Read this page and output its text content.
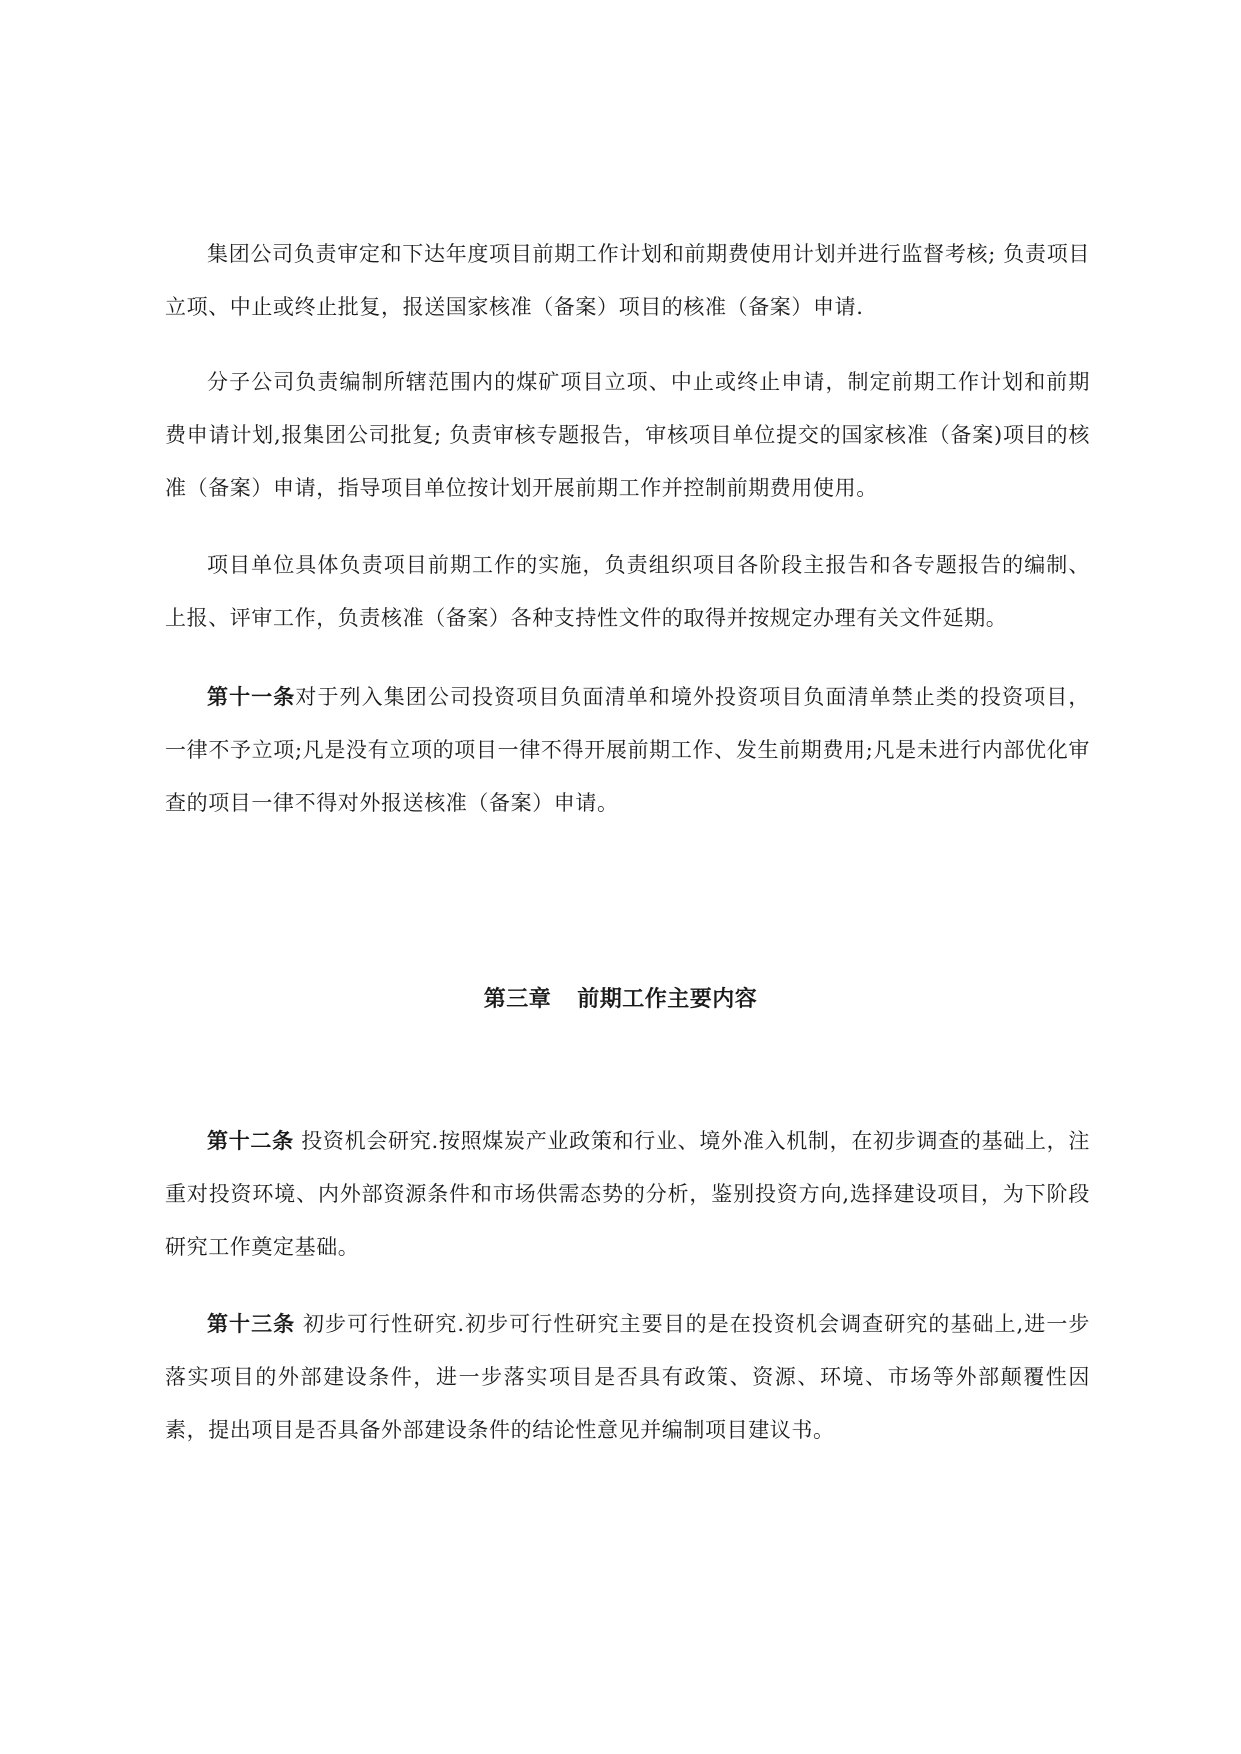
集团公司负责审定和下达年度项目前期工作计划和前期费使用计划并进行监督考核; 负责项目立项、中止或终止批复，报送国家核准（备案）项目的核准（备案）申请.

分子公司负责编制所辖范围内的煤矿项目立项、中止或终止申请，制定前期工作计划和前期费申请计划,报集团公司批复; 负责审核专题报告，审核项目单位提交的国家核准（备案)项目的核准（备案）申请，指导项目单位按计划开展前期工作并控制前期费用使用。

项目单位具体负责项目前期工作的实施，负责组织项目各阶段主报告和各专题报告的编制、上报、评审工作，负责核准（备案）各种支持性文件的取得并按规定办理有关文件延期。

第十一条对于列入集团公司投资项目负面清单和境外投资项目负面清单禁止类的投资项目，一律不予立项;凡是没有立项的项目一律不得开展前期工作、发生前期费用;凡是未进行内部优化审查的项目一律不得对外报送核准（备案）申请。

第三章 前期工作主要内容

第十二条 投资机会研究.按照煤炭产业政策和行业、境外准入机制，在初步调查的基础上，注重对投资环境、内外部资源条件和市场供需态势的分析，鉴别投资方向,选择建设项目，为下阶段研究工作奠定基础。

第十三条 初步可行性研究.初步可行性研究主要目的是在投资机会调查研究的基础上,进一步落实项目的外部建设条件，进一步落实项目是否具有政策、资源、环境、市场等外部颠覆性因素，提出项目是否具备外部建设条件的结论性意见并编制项目建议书。
